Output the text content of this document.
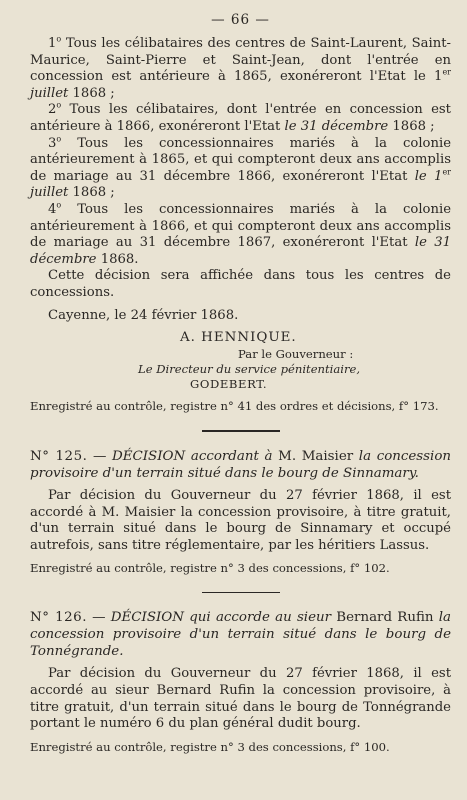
— 66 —

1$^o$ Tous les célibataires des centres de Saint-Laurent, Saint-Maurice, Saint-Pierre et Saint-Jean, dont l'entrée en concession est antérieure à 1865, exonéreront l'Etat le 1er juillet 1868 ;

2$^o$ Tous les célibataires, dont l'entrée en concession est antérieure à 1866, exonéreront l'Etat le 31 décembre 1868 ;

3$^o$ Tous les concessionnaires mariés à la colonie antérieurement à 1865, et qui compteront deux ans accomplis de mariage au 31 décembre 1866, exonéreront l'Etat le 1er juillet 1868 ;

4$^o$ Tous les concessionnaires mariés à la colonie antérieurement à 1866, et qui compteront deux ans accomplis de mariage au 31 décembre 1867, exonéreront l'Etat le 31 décembre 1868.

Cette décision sera affichée dans tous les centres de concessions.

Cayenne, le 24 février 1868.

A. HENNIQUE.

Par le Gouverneur :

Le Directeur du service pénitentiaire,

GODEBERT.

Enregistré au contrôle, registre n° 41 des ordres et décisions, f° 173.

N° 125. — DÉCISION accordant à M. Maisier la concession provisoire d'un terrain situé dans le bourg de Sinnamary.

Par décision du Gouverneur du 27 février 1868, il est accordé à M. Maisier la concession provisoire, à titre gratuit, d'un terrain situé dans le bourg de Sinnamary et occupé autrefois, sans titre réglementaire, par les héritiers Lassus.

Enregistré au contrôle, registre n° 3 des concessions, f° 102.

N° 126. — DÉCISION qui accorde au sieur Bernard Rufin la concession provisoire d'un terrain situé dans le bourg de Tonnégrande.

Par décision du Gouverneur du 27 février 1868, il est accordé au sieur Bernard Rufin la concession provisoire, à titre gratuit, d'un terrain situé dans le bourg de Tonnégrande portant le numéro 6 du plan général dudit bourg.

Enregistré au contrôle, registre n° 3 des concessions, f° 100.
